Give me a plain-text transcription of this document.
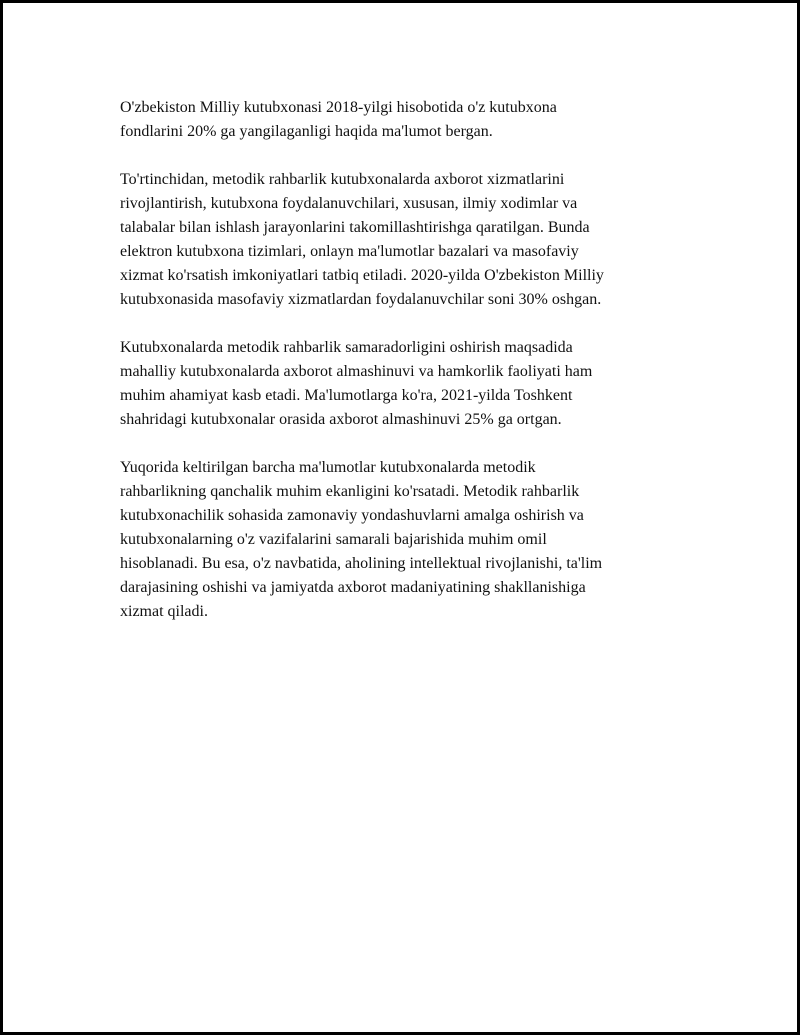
O'zbekiston Milliy kutubxonasi 2018-yilgi hisobotida o'z kutubxona
fondlarini 20% ga yangilaganligi haqida ma'lumot bergan.

To'rtinchidan, metodik rahbarlik kutubxonalarda axborot xizmatlarini
rivojlantirish, kutubxona foydalanuvchilari, xususan, ilmiy xodimlar va
talabalar bilan ishlash jarayonlarini takomillashtirishga qaratilgan. Bunda
elektron kutubxona tizimlari, onlayn ma'lumotlar bazalari va masofaviy
xizmat ko'rsatish imkoniyatlari tatbiq etiladi. 2020-yilda O'zbekiston Milliy
kutubxonasida masofaviy xizmatlardan foydalanuvchilar soni 30% oshgan.

Kutubxonalarda metodik rahbarlik samaradorligini oshirish maqsadida
mahalliy kutubxonalarda axborot almashinuvi va hamkorlik faoliyati ham
muhim ahamiyat kasb etadi. Ma'lumotlarga ko'ra, 2021-yilda Toshkent
shahridagi kutubxonalar orasida axborot almashinuvi 25% ga ortgan.

Yuqorida keltirilgan barcha ma'lumotlar kutubxonalarda metodik
rahbarlikning qanchalik muhim ekanligini ko'rsatadi. Metodik rahbarlik
kutubxonachilik sohasida zamonaviy yondashuvlarni amalga oshirish va
kutubxonalarning o'z vazifalarini samarali bajarishida muhim omil
hisoblanadi. Bu esa, o'z navbatida, aholining intellektual rivojlanishi, ta'lim
darajasining oshishi va jamiyatda axborot madaniyatining shakllanishiga
xizmat qiladi.
